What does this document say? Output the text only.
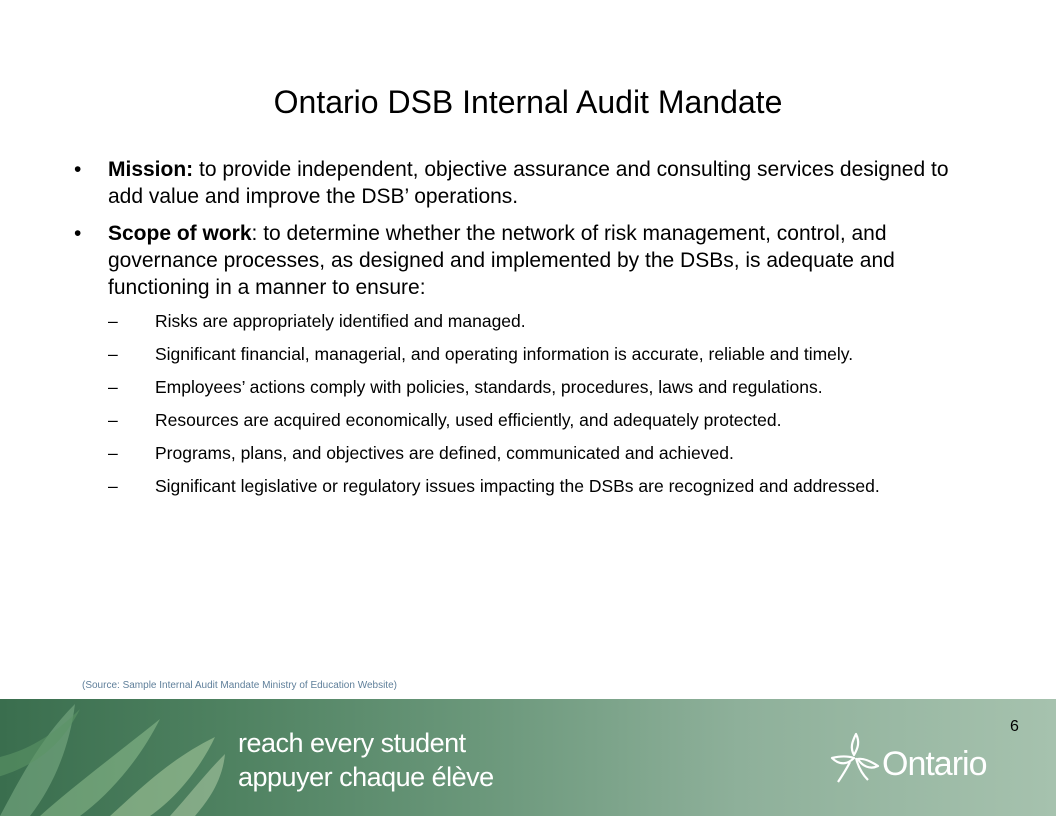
Ontario DSB Internal Audit Mandate
• Mission: to provide independent, objective assurance and consulting services designed to add value and improve the DSB’ operations.
• Scope of work: to determine whether the network of risk management, control, and governance processes, as designed and implemented by the DSBs, is adequate and functioning in a manner to ensure:
– Risks are appropriately identified and managed.
– Significant financial, managerial, and operating information is accurate, reliable and timely.
– Employees’ actions comply with policies, standards, procedures, laws and regulations.
– Resources are acquired economically, used efficiently, and adequately protected.
– Programs, plans, and objectives are defined, communicated and achieved.
– Significant legislative or regulatory issues impacting the DSBs are recognized and addressed.
(Source: Sample Internal Audit Mandate Ministry of Education Website)
reach every student
appuyer chaque élève
6
Ontario
